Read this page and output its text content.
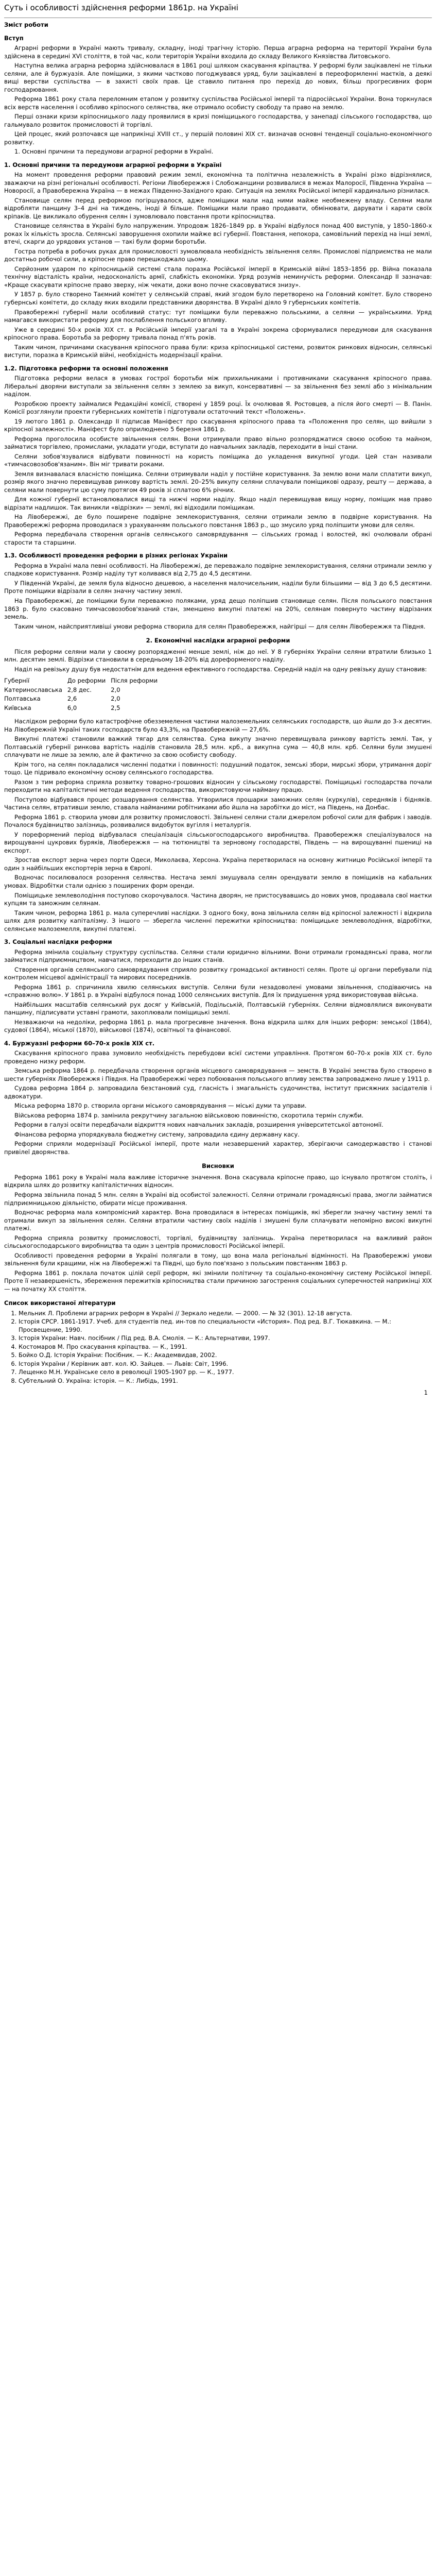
Суть і особливості здійснення реформи 1861р. на Україні
Зміст роботи
Вступ

Аграрні реформи в Україні мають тривалу, складну, іноді трагічну історію. Перша аграрна реформа на території України була здійснена в середині XVI століття, в той час, коли територія України входила до складу Великого Князівства Литовського.

Наступна велика аграрна реформа здійснювалася в 1861 році шляхом скасування кріпацтва. У реформі були зацікавлені не тільки селяни, але й буржуазія. Але поміщики, з якими частково погоджувався уряд, були зацікавлені в переоформленні маєтків, а деякі вищі верстви суспільства — в захисті своїх прав. Це ставило питання про перехід до нових, більш прогресивних форм господарювання.

Реформа 1861 року стала переломним етапом у розвитку суспільства Російської імперії та підросійської України. Вона торкнулася всіх верств населення і особливо кріпосного селянства, яке отримало особисту свободу та право на землю.

Перші ознаки кризи кріпосницького ладу проявилися в кризі поміщицького господарства, у занепаді сільського господарства, що гальмувало розвиток промисловості й торгівлі.

Цей процес, який розпочався ще наприкінці XVIII ст., у першій половині XIX ст. визначав основні тенденції соціально-економічного розвитку.

1. Основні причини та передумови аграрної реформи в Україні.

1. Основні причини та передумови аграрної реформи в Україні

На момент проведення реформи правовий режим землі, економічна та політична незалежність в Україні різко відрізнялися, зважаючи на різні регіональні особливості. Регіони Лівобережжя і Слобожанщини розвивалися в межах Малоросії, Південна Україна — Новоросії, а Правобережна Україна — в межах Південно-Західного краю. Ситуація на землях Російської імперії кардинально різнилася.

Становище селян перед реформою погіршувалося, адже поміщики мали над ними майже необмежену владу. Селяни мали відробляти панщину 3–4 дні на тиждень, іноді й більше. Поміщики мали право продавати, обмінювати, дарувати і карати своїх кріпаків. Це викликало обурення селян і зумовлювало повстання проти кріпосництва.

Становище селянства в Україні було напруженим. Упродовж 1826–1849 рр. в Україні відбулося понад 400 виступів, у 1850–1860-х роках їх кількість зросла. Селянські заворушення охопили майже всі губернії. Повстання, непокора, самовільний перехід на інші землі, втечі, скарги до урядових установ — такі були форми боротьби.

Гостра потреба в робочих руках для промисловості зумовлювала необхідність звільнення селян. Промислові підприємства не мали достатньо робочої сили, а кріпосне право перешкоджало цьому.

Серйозним ударом по кріпосницькій системі стала поразка Російської імперії в Кримській війні 1853–1856 рр. Війна показала технічну відсталість країни, недосконалість армії, слабкість економіки. Уряд розумів неминучість реформи. Олександр II зазначав: «Краще скасувати кріпосне право зверху, ніж чекати, доки воно почне скасовуватися знизу».

У 1857 р. було створено Таємний комітет у селянській справі, який згодом було перетворено на Головний комітет. Було створено губернські комітети, до складу яких входили представники дворянства. В Україні діяло 9 губернських комітетів.

Правобережні губернії мали особливий статус: тут поміщики були переважно польськими, а селяни — українськими. Уряд намагався використати реформу для послаблення польського впливу.

Уже в середині 50-х років XIX ст. в Російській імперії узагалі та в Україні зокрема сформувалися передумови для скасування кріпосного права. Боротьба за реформу тривала понад п'ять років.

Таким чином, причинами скасування кріпосного права були: криза кріпосницької системи, розвиток ринкових відносин, селянські виступи, поразка в Кримській війні, необхідність модернізації країни.

1.2. Підготовка реформи та основні положення

Підготовка реформи велася в умовах гострої боротьби між прихильниками і противниками скасування кріпосного права. Ліберальні дворяни виступали за звільнення селян з землею за викуп, консервативні — за звільнення без землі або з мінімальним наділом.

Розробкою проекту займалися Редакційні комісії, створені у 1859 році. Їх очолював Я. Ростовцев, а після його смерті — В. Панін. Комісії розглянули проекти губернських комітетів і підготували остаточний текст «Положень».

19 лютого 1861 р. Олександр II підписав Маніфест про скасування кріпосного права та «Положення про селян, що вийшли з кріпосної залежності». Маніфест було оприлюднено 5 березня 1861 р.

Реформа проголосила особисте звільнення селян. Вони отримували право вільно розпоряджатися своєю особою та майном, займатися торгівлею, промислами, укладати угоди, вступати до навчальних закладів, переходити в інші стани.

Селяни зобов'язувалися відбувати повинності на користь поміщика до укладення викупної угоди. Цей стан називали «тимчасовозобов'язаним». Він міг тривати роками.

Земля визнавалася власністю поміщика. Селяни отримували наділ у постійне користування. За землю вони мали сплатити викуп, розмір якого значно перевищував ринкову вартість землі. 20–25% викупу селяни сплачували поміщикові одразу, решту — держава, а селяни мали повернути цю суму протягом 49 років зі сплатою 6% річних.

Для кожної губернії встановлювалися вищі та нижчі норми наділу. Якщо наділ перевищував вищу норму, поміщик мав право відрізати надлишок. Так виникли «відрізки» — землі, які відходили поміщикам.

На Лівобережжі, де було поширене подвірне землекористування, селяни отримали землю в подвірне користування. На Правобережжі реформа проводилася з урахуванням польського повстання 1863 р., що змусило уряд поліпшити умови для селян.

Реформа передбачала створення органів селянського самоврядування — сільських громад і волостей, які очолювали обрані старости та старшини.

1.3. Особливості проведення реформи в різних регіонах України

Реформа в Україні мала певні особливості. На Лівобережжі, де переважало подвірне землекористування, селяни отримали землю у спадкове користування. Розмір наділу тут коливався від 2,75 до 4,5 десятини.

У Південній Україні, де земля була відносно дешевою, а населення малочисельним, наділи були більшими — від 3 до 6,5 десятини. Проте поміщики відрізали в селян значну частину землі.

На Правобережжі, де поміщики були переважно поляками, уряд дещо поліпшив становище селян. Після польського повстання 1863 р. було скасовано тимчасовозобов'язаний стан, зменшено викупні платежі на 20%, селянам повернуто частину відрізаних земель.

Таким чином, найсприятливіші умови реформа створила для селян Правобережжя, найгірші — для селян Лівобережжя та Півдня.

2. Економічні наслідки аграрної реформи

Після реформи селяни мали у своєму розпорядженні менше землі, ніж до неї. У 8 губерніях України селяни втратили близько 1 млн. десятин землі. Відрізки становили в середньому 18-20% від дореформеного наділу.

Наділ на ревізьку душу був недостатнім для ведення ефективного господарства. Середній наділ на одну ревізьку душу становив:

Губернії	До реформи	Після реформи
Катеринославська	2,8 дес.	2,0
Полтавська	2,6	2,0
Київська	6,0	2,5

Наслідком реформи було катастрофічне обезземелення частини малоземельних селянських господарств, що йшли до 3-х десятин. На Лівобережній Україні таких господарств було 43,3%, на Правобережній — 27,6%.

Викупні платежі становили важкий тягар для селянства. Сума викупу значно перевищувала ринкову вартість землі. Так, у Полтавській губернії ринкова вартість наділів становила 28,5 млн. крб., а викупна сума — 40,8 млн. крб. Селяни були змушені сплачувати не лише за землю, але й фактично за свою особисту свободу.

Крім того, на селян покладалися численні податки і повинності: подушний податок, земські збори, мирські збори, утримання доріг тощо. Це підривало економічну основу селянського господарства.

Разом з тим реформа сприяла розвитку товарно-грошових відносин у сільському господарстві. Поміщицькі господарства почали переходити на капіталістичні методи ведення господарства, використовуючи найману працю.

Поступово відбувався процес розшарування селянства. Утворилися прошарки заможних селян (куркулів), середняків і бідняків. Частина селян, втративши землю, ставала найманими робітниками або йшла на заробітки до міст, на Південь, на Донбас.

Реформа 1861 р. створила умови для розвитку промисловості. Звільнені селяни стали джерелом робочої сили для фабрик і заводів. Почалося будівництво залізниць, розвивалися видобуток вугілля і металургія.

У пореформений період відбувалася спеціалізація сільськогосподарського виробництва. Правобережжя спеціалізувалося на вирощуванні цукрових буряків, Лівобережжя — на тютюництві та зерновому господарстві, Південь — на вирощуванні пшениці на експорт.

Зростав експорт зерна через порти Одеси, Миколаєва, Херсона. Україна перетворилася на основну житницю Російської імперії та один з найбільших експортерів зерна в Європі.

Водночас посилювалося розорення селянства. Нестача землі змушувала селян орендувати землю в поміщиків на кабальних умовах. Відробітки стали однією з поширених форм оренди.

Поміщицьке землеволодіння поступово скорочувалося. Частина дворян, не пристосувавшись до нових умов, продавала свої маєтки купцям та заможним селянам.

Таким чином, реформа 1861 р. мала суперечливі наслідки. З одного боку, вона звільнила селян від кріпосної залежності і відкрила шлях для розвитку капіталізму. З іншого — зберегла численні пережитки кріпосництва: поміщицьке землеволодіння, відробітки, селянське малоземелля, викупні платежі.

3. Соціальні наслідки реформи

Реформа змінила соціальну структуру суспільства. Селяни стали юридично вільними. Вони отримали громадянські права, могли займатися підприємництвом, навчатися, переходити до інших станів.

Створення органів селянського самоврядування сприяло розвитку громадської активності селян. Проте ці органи перебували під контролем місцевої адміністрації та мирових посередників.

Реформа 1861 р. спричинила хвилю селянських виступів. Селяни були незадоволені умовами звільнення, сподіваючись на «справжню волю». У 1861 р. в Україні відбулося понад 1000 селянських виступів. Для їх придушення уряд використовував війська.

Найбільших масштабів селянський рух досяг у Київській, Подільській, Полтавській губерніях. Селяни відмовлялися виконувати панщину, підписувати уставні грамоти, захоплювали поміщицькі землі.

Незважаючи на недоліки, реформа 1861 р. мала прогресивне значення. Вона відкрила шлях для інших реформ: земської (1864), судової (1864), міської (1870), військової (1874), освітньої та фінансової.

4. Буржуазні реформи 60–70-х років XIX ст.

Скасування кріпосного права зумовило необхідність перебудови всієї системи управління. Протягом 60–70-х років XIX ст. було проведено низку реформ.

Земська реформа 1864 р. передбачала створення органів місцевого самоврядування — земств. В Україні земства було створено в шести губерніях Лівобережжя і Півдня. На Правобережжі через побоювання польського впливу земства запроваджено лише у 1911 р.

Судова реформа 1864 р. запровадила безстановий суд, гласність і змагальність судочинства, інститут присяжних засідателів і адвокатури.

Міська реформа 1870 р. створила органи міського самоврядування — міські думи та управи.

Військова реформа 1874 р. замінила рекрутчину загальною військовою повинністю, скоротила термін служби.

Реформи в галузі освіти передбачали відкриття нових навчальних закладів, розширення університетської автономії.

Фінансова реформа упорядкувала бюджетну систему, запровадила єдину державну касу.

Реформи сприяли модернізації Російської імперії, проте мали незавершений характер, зберігаючи самодержавство і станові привілеї дворянства.

Висновки

Реформа 1861 року в Україні мала важливе історичне значення. Вона скасувала кріпосне право, що існувало протягом століть, і відкрила шлях до розвитку капіталістичних відносин.

Реформа звільнила понад 5 млн. селян в Україні від особистої залежності. Селяни отримали громадянські права, змогли займатися підприємницькою діяльністю, обирати місце проживання.

Водночас реформа мала компромісний характер. Вона проводилася в інтересах поміщиків, які зберегли значну частину землі та отримали викуп за звільнення селян. Селяни втратили частину своїх наділів і змушені були сплачувати непомірно високі викупні платежі.

Реформа сприяла розвитку промисловості, торгівлі, будівництву залізниць. Україна перетворилася на важливий район сільськогосподарського виробництва та один з центрів промисловості Російської імперії.

Особливості проведення реформи в Україні полягали в тому, що вона мала регіональні відмінності. На Правобережжі умови звільнення були кращими, ніж на Лівобережжі та Півдні, що було пов'язано з польським повстанням 1863 р.

Реформа 1861 р. поклала початок цілій серії реформ, які змінили політичну та соціально-економічну систему Російської імперії. Проте її незавершеність, збереження пережитків кріпосництва стали причиною загострення соціальних суперечностей наприкінці XIX — на початку XX століття.

Список використаної літератури
1. Мельник Л. Проблеми аграрних реформ в Україні // Зеркало недели. — 2000. — № 32 (301). 12-18 августа.
2. Історія СРСР. 1861-1917. Учеб. для студентів пед. ин-тов по специальности «История». Под ред. В.Г. Тюкавкина. — М.: Просвещение, 1990.
3. Історія України: Навч. посібник / Під ред. В.А. Смолія. — К.: Альтернативи, 1997.
4. Костомаров М. Про скасування кріпацтва. — К., 1991.
5. Бойко О.Д. Історія України: Посібник. — К.: Академвидав, 2002.
6. Історія України / Керівник авт. кол. Ю. Зайцев. — Львів: Світ, 1996.
7. Лещенко М.Н. Українське село в революції 1905-1907 рр. — К., 1977.
8. Субтельний О. Україна: історія. — К.: Либідь, 1991.
1
